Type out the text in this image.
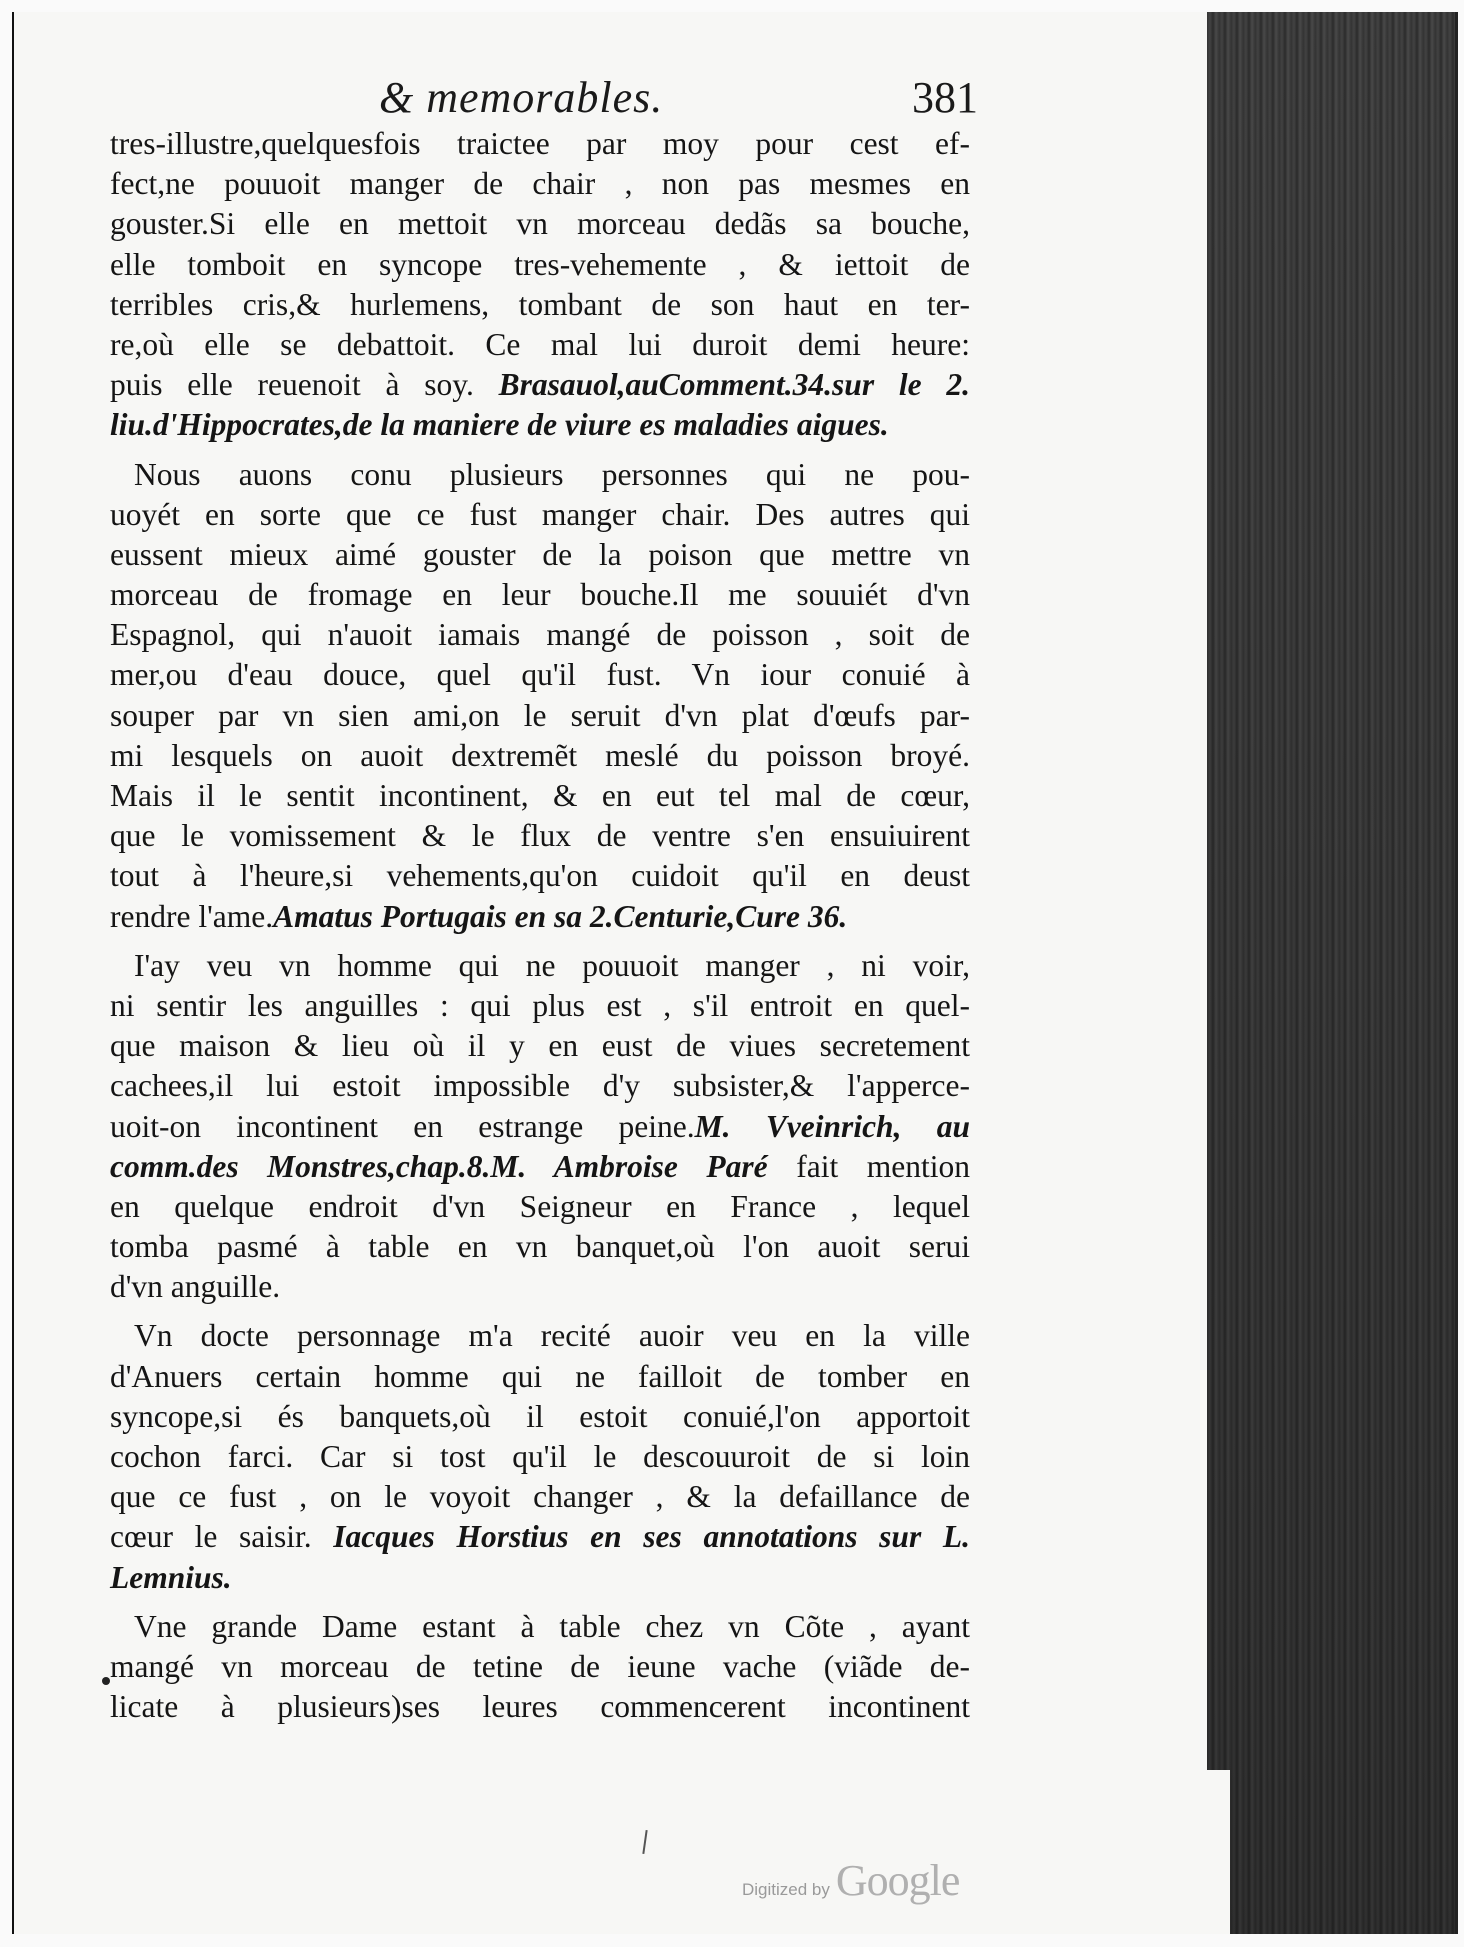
& memorables.	381
tres-illustre,quelquesfois traictee par moy pour cest ef-
fect,ne pouuoit manger de chair , non pas mesmes en
gouster.Si elle en mettoit vn morceau dedãs sa bouche,
elle tomboit en syncope tres-vehemente , & iettoit de
terribles cris,& hurlemens, tombant de son haut en ter-
re,où elle se debattoit. Ce mal lui duroit demi heure:
puis elle reuenoit à soy. Brasauol,auComment.34.sur le 2.
liu.d'Hippocrates,de la maniere de viure es maladies aigues.
Nous auons conu plusieurs personnes qui ne pou-
uoyét en sorte que ce fust manger chair. Des autres qui
eussent mieux aimé gouster de la poison que mettre vn
morceau de fromage en leur bouche.Il me souuiét d'vn
Espagnol, qui n'auoit iamais mangé de poisson , soit de
mer,ou d'eau douce, quel qu'il fust. Vn iour conuié à
souper par vn sien ami,on le seruit d'vn plat d'œufs par-
mi lesquels on auoit dextremẽt meslé du poisson broyé.
Mais il le sentit incontinent, & en eut tel mal de cœur,
que le vomissement & le flux de ventre s'en ensuiuirent
tout à l'heure,si vehements,qu'on cuidoit qu'il en deust
rendre l'ame.Amatus Portugais en sa 2.Centurie,Cure 36.
I'ay veu vn homme qui ne pouuoit manger , ni voir,
ni sentir les anguilles : qui plus est , s'il entroit en quel-
que maison & lieu où il y en eust de viues secretement
cachees,il lui estoit impossible d'y subsister,& l'apperce-
uoit-on incontinent en estrange peine.M. Vveinrich, au
comm.des Monstres,chap.8.M. Ambroise Paré fait mention
en quelque endroit d'vn Seigneur en France , lequel
tomba pasmé à table en vn banquet,où l'on auoit serui
d'vn anguille.
Vn docte personnage m'a recité auoir veu en la ville
d'Anuers certain homme qui ne failloit de tomber en
syncope,si és banquets,où il estoit conuié,l'on apportoit
cochon farci. Car si tost qu'il le descouuroit de si loin
que ce fust , on le voyoit changer , & la defaillance de
cœur le saisir. Iacques Horstius en ses annotations sur L.
Lemnius.
Vne grande Dame estant à table chez vn Cõte , ayant
mangé vn morceau de tetine de ieune vache (viãde de-
licate à plusieurs)ses leures commencerent incontinent
Digitized by Google
